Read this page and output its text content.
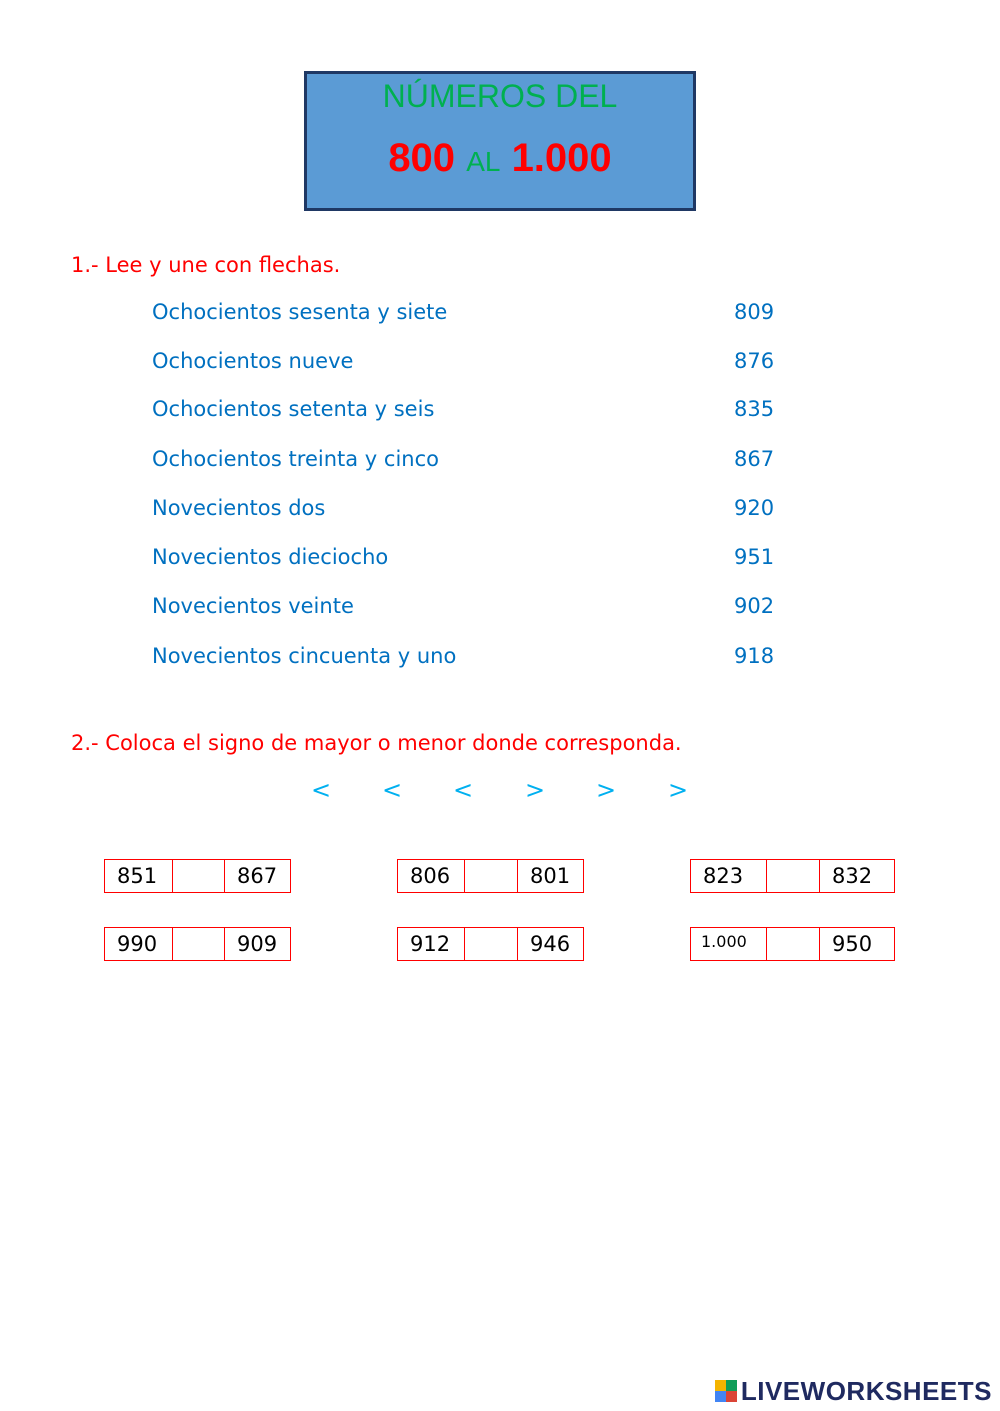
NÚMEROS DEL
800 AL 1.000
1.- Lee y une con flechas.
Ochocientos sesenta y siete	809
Ochocientos nueve	876
Ochocientos setenta y seis	835
Ochocientos treinta y cinco	867
Novecientos dos	920
Novecientos dieciocho	951
Novecientos veinte	902
Novecientos cincuenta y uno	918
2.- Coloca el signo de mayor o menor donde corresponda.
< < < > > >
851	867	806	801	823	832
990	909	912	946	1.000	950
LIVEWORKSHEETS
